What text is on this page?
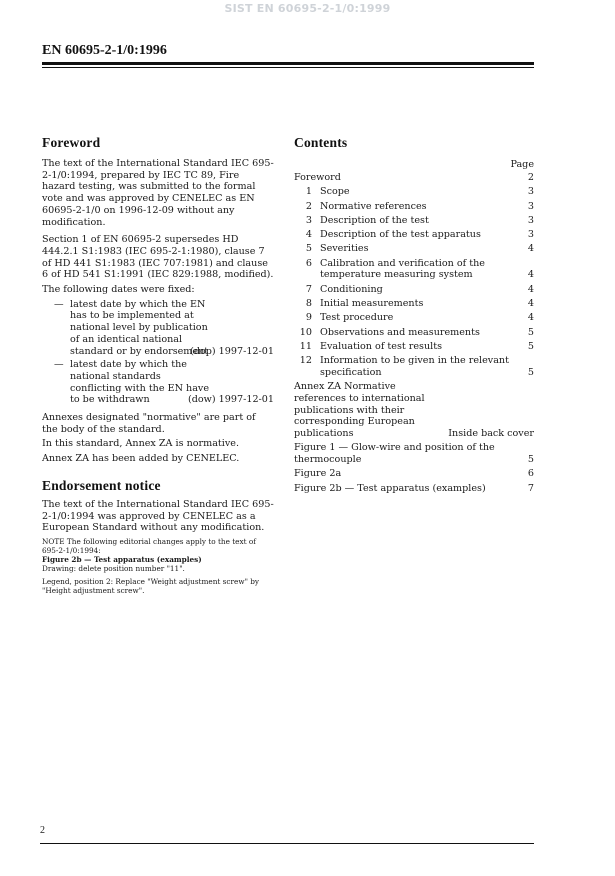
SIST EN 60695-2-1/0:1999
EN 60695-2-1/0:1996
Foreword

The text of the International Standard IEC 695-2-1/0:1994, prepared by IEC TC 89, Fire hazard testing, was submitted to the formal vote and was approved by CENELEC as EN 60695-2-1/0 on 1996-12-09 without any modification.

Section 1 of EN 60695-2 supersedes HD 444.2.1 S1:1983 (IEC 695-2-1:1980), clause 7 of HD 441 S1:1983 (IEC 707:1981) and clause 6 of HD 541 S1:1991 (IEC 829:1988, modified).

The following dates were fixed:

— latest date by which the EN has to be implemented at national level by publication of an identical national standard or by endorsement
(dop) 1997-12-01
— latest date by which the national standards conflicting with the EN have to be withdrawn	(dow) 1997-12-01

Annexes designated "normative" are part of the body of the standard.

In this standard, Annex ZA is normative.

Annex ZA has been added by CENELEC.

Endorsement notice

The text of the International Standard IEC 695-2-1/0:1994 was approved by CENELEC as a European Standard without any modification.

NOTE The following editorial changes apply to the text of 695-2-1/0:1994:
Figure 2b — Test apparatus (examples)
Drawing: delete position number "11".
Legend, position 2: Replace "Weight adjustment screw" by "Height adjustment screw".
Contents
Page
Foreword	2
1 Scope	3
2 Normative references	3
3 Description of the test	3
4 Description of the test apparatus	3
5 Severities	4
6 Calibration and verification of the temperature measuring system	4
7 Conditioning	4
8 Initial measurements	4
9 Test procedure	4
10 Observations and measurements	5
11 Evaluation of test results	5
12 Information to be given in the relevant specification	5
Annex ZA Normative references to international publications with their corresponding European publications	Inside back cover
Figure 1 — Glow-wire and position of the thermocouple	5
Figure 2a	6
Figure 2b — Test apparatus (examples)	7
2
